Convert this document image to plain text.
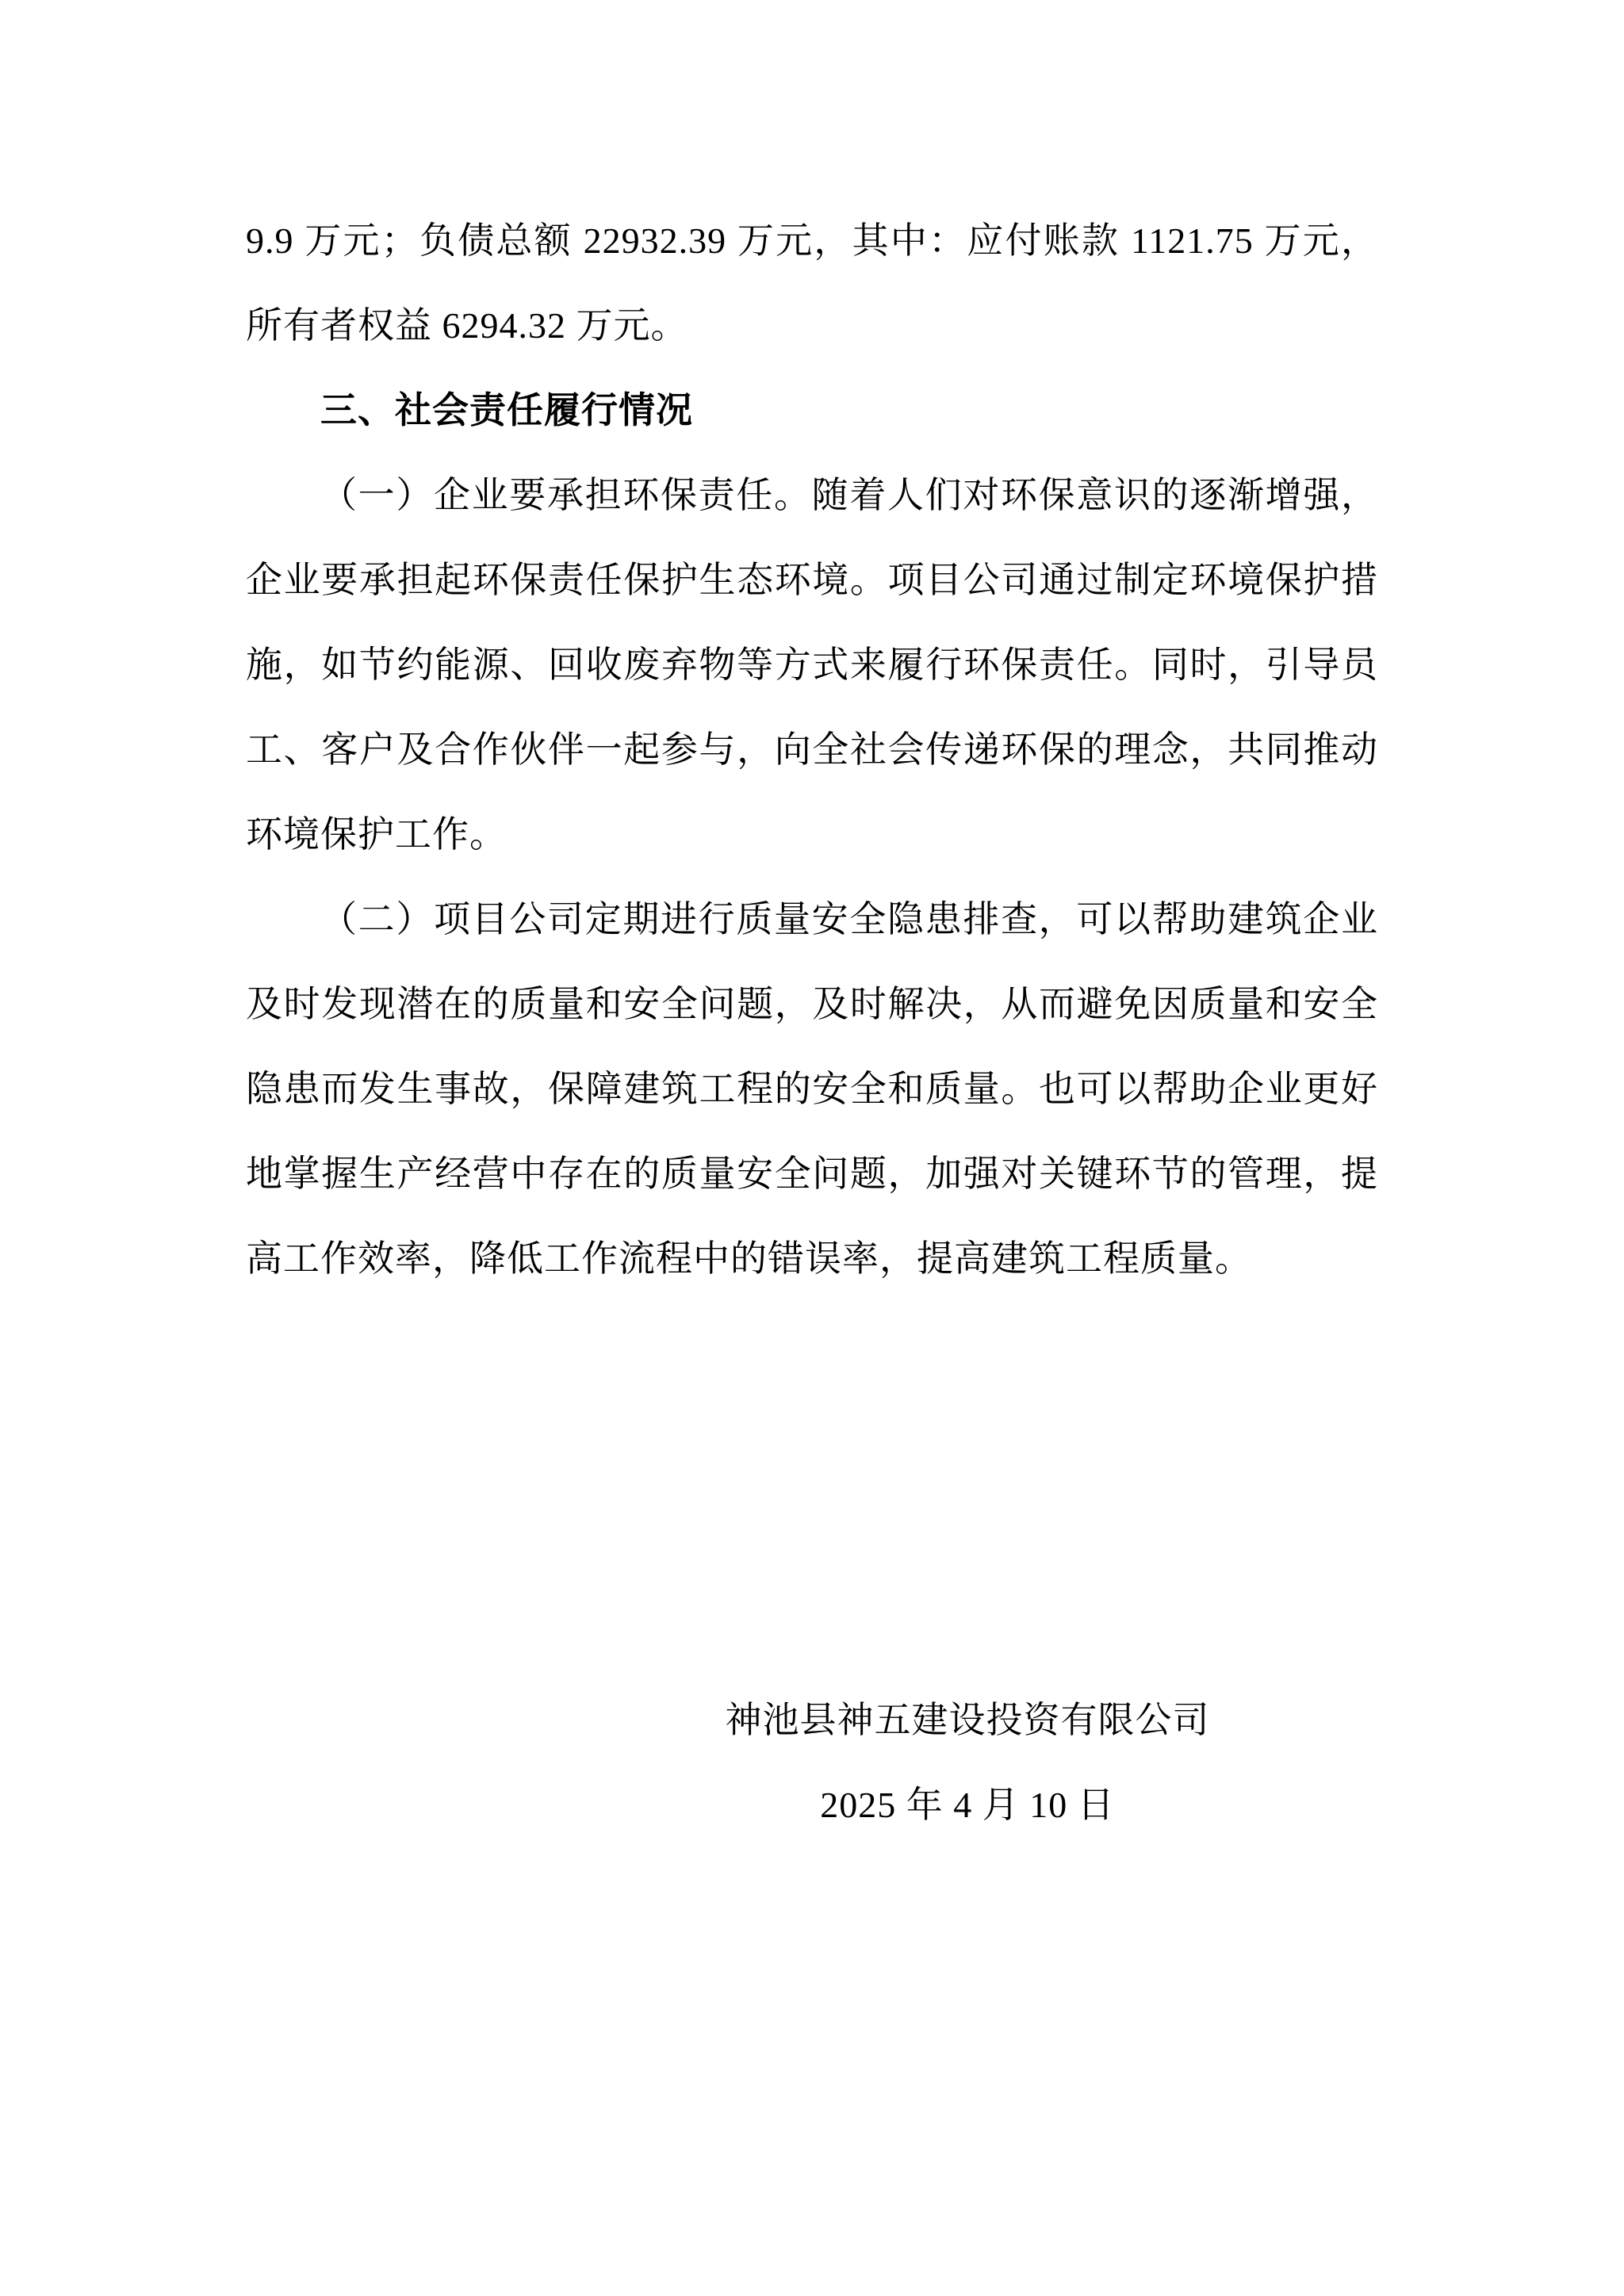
9.9 万元；负债总额 22932.39 万元，其中：应付账款 1121.75 万元，所有者权益 6294.32 万元。

三、社会责任履行情况

（一）企业要承担环保责任。随着人们对环保意识的逐渐增强，企业要承担起环保责任保护生态环境。项目公司通过制定环境保护措施，如节约能源、回收废弃物等方式来履行环保责任。同时，引导员工、客户及合作伙伴一起参与，向全社会传递环保的理念，共同推动环境保护工作。

（二）项目公司定期进行质量安全隐患排查，可以帮助建筑企业及时发现潜在的质量和安全问题，及时解决，从而避免因质量和安全隐患而发生事故，保障建筑工程的安全和质量。也可以帮助企业更好地掌握生产经营中存在的质量安全问题，加强对关键环节的管理，提高工作效率，降低工作流程中的错误率，提高建筑工程质量。

神池县神五建设投资有限公司

2025 年 4 月 10 日
